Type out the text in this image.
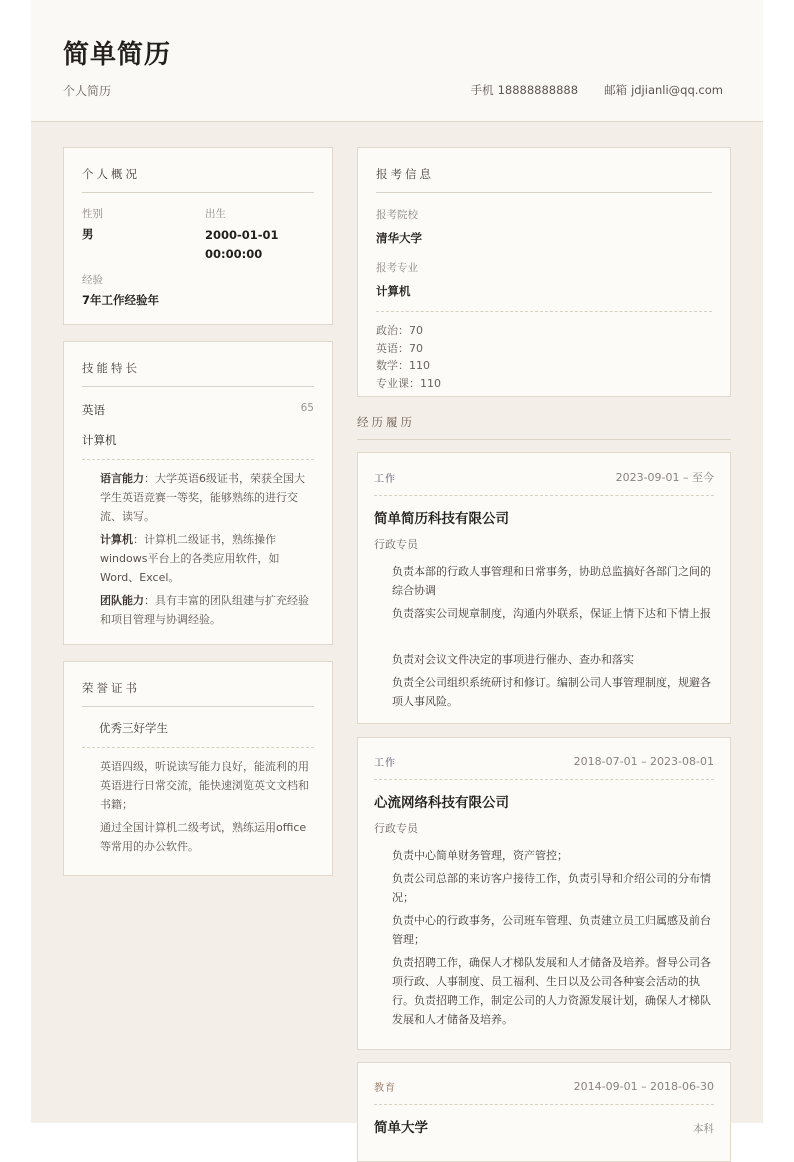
简单简历
个人简历	手机 18888888888 邮箱 jdjianli@qq.com
个人概况
性别
男
出生
2000-01-01
00:00:00
经验
7年工作经验年
技能特长
英语	65
计算机

语言能力：大学英语6级证书，荣获全国大学生英语竞赛一等奖，能够熟练的进行交流、读写。

计算机：计算机二级证书，熟练操作windows平台上的各类应用软件，如Word、Excel。

团队能力：具有丰富的团队组建与扩充经验和项目管理与协调经验。

荣誉证书
优秀三好学生

英语四级，听说读写能力良好，能流利的用英语进行日常交流，能快速浏览英文文档和书籍；

通过全国计算机二级考试，熟练运用office等常用的办公软件。

报考信息
报考院校
清华大学
报考专业
计算机
政治：70
英语：70
数学：110
专业课：110
经历履历
工作	2023-09-01 – 至今
简单简历科技有限公司
行政专员
负责本部的行政人事管理和日常事务，协助总监搞好各部门之间的综合协调
负责落实公司规章制度，沟通内外联系，保证上情下达和下情上报
负责对会议文件决定的事项进行催办、查办和落实
负责全公司组织系统研讨和修订。编制公司人事管理制度，规避各项人事风险。
工作	2018-07-01 – 2023-08-01
心流网络科技有限公司
行政专员
负责中心简单财务管理，资产管控；
负责公司总部的来访客户接待工作，负责引导和介绍公司的分布情况；
负责中心的行政事务，公司班车管理、负责建立员工归属感及前台管理；
负责招聘工作，确保人才梯队发展和人才储备及培养。督导公司各项行政、人事制度、员工福利、生日以及公司各种宴会活动的执行。负责招聘工作，制定公司的人力资源发展计划，确保人才梯队发展和人才储备及培养。
教育	2014-09-01 – 2018-06-30
简单大学	本科
